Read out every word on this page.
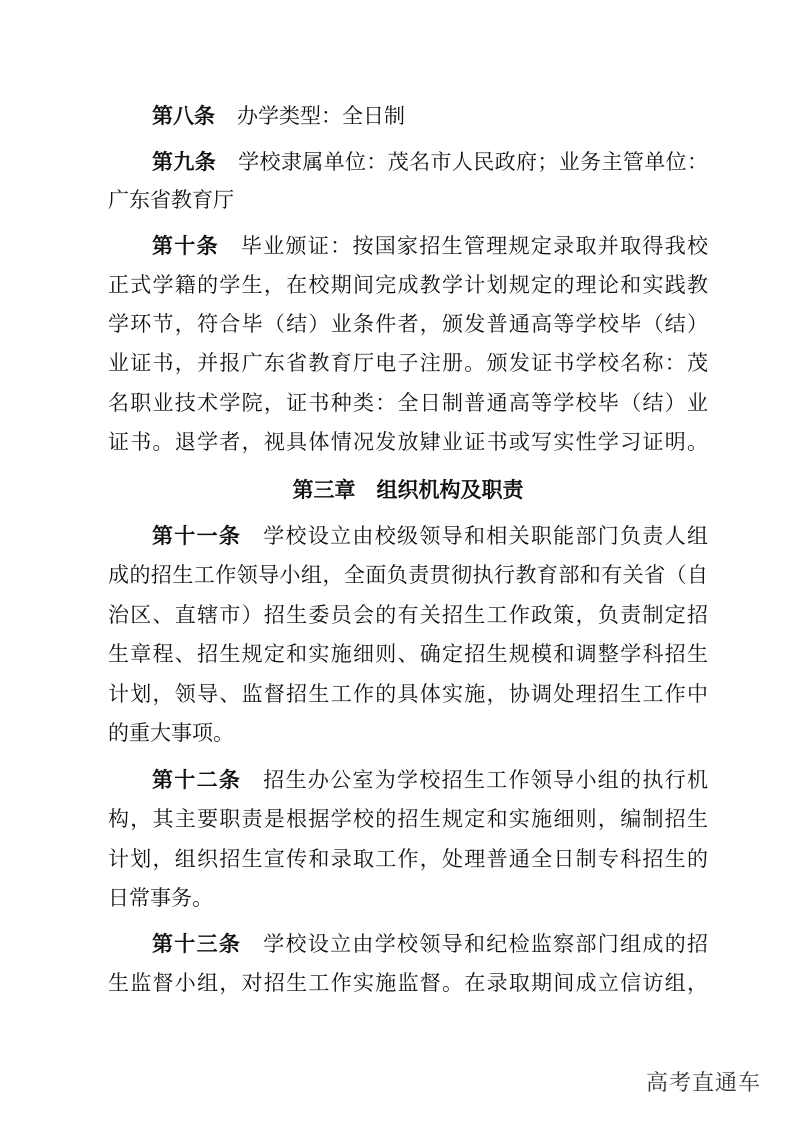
第八条 办学类型：全日制
第九条 学校隶属单位：茂名市人民政府；业务主管单位：
广东省教育厅
第十条 毕业颁证：按国家招生管理规定录取并取得我校
正式学籍的学生，在校期间完成教学计划规定的理论和实践教
学环节，符合毕（结）业条件者，颁发普通高等学校毕（结）
业证书，并报广东省教育厅电子注册。颁发证书学校名称：茂
名职业技术学院，证书种类：全日制普通高等学校毕（结）业
证书。退学者，视具体情况发放肄业证书或写实性学习证明。
第三章　组织机构及职责
第十一条 学校设立由校级领导和相关职能部门负责人组
成的招生工作领导小组，全面负责贯彻执行教育部和有关省（自
治区、直辖市）招生委员会的有关招生工作政策，负责制定招
生章程、招生规定和实施细则、确定招生规模和调整学科招生
计划，领导、监督招生工作的具体实施，协调处理招生工作中
的重大事项。
第十二条 招生办公室为学校招生工作领导小组的执行机
构，其主要职责是根据学校的招生规定和实施细则，编制招生
计划，组织招生宣传和录取工作，处理普通全日制专科招生的
日常事务。
第十三条 学校设立由学校领导和纪检监察部门组成的招
生监督小组，对招生工作实施监督。在录取期间成立信访组，
高考直通车
